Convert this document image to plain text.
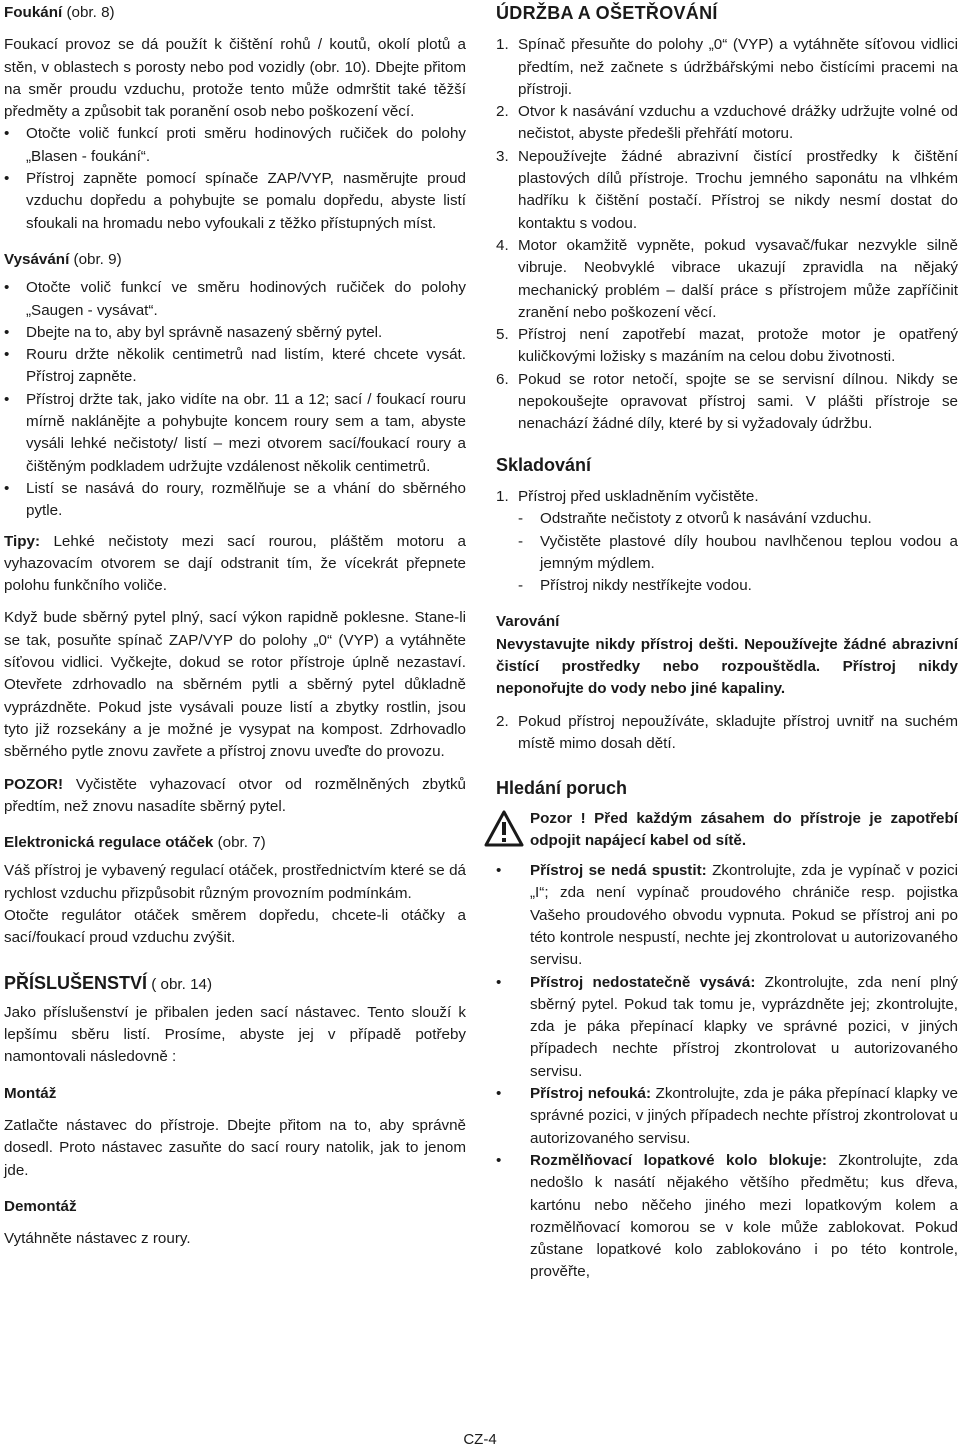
Foukání (obr. 8)

Foukací provoz se dá použít k čištění rohů / koutů, okolí plotů a stěn, v oblastech s porosty nebo pod vozidly (obr. 10). Dbejte přitom na směr proudu vzduchu, protože tento může odmrštit také těžší předměty a způsobit tak poranění osob nebo poškození věcí.

• Otočte volič funkcí proti směru hodinových ručiček do polohy „Blasen - foukání“.

• Přístroj zapněte pomocí spínače ZAP/VYP, nasměrujte proud vzduchu dopředu a pohybujte se pomalu dopředu, abyste listí sfoukali na hromadu nebo vyfoukali z těžko přístupných míst.

Vysávání (obr. 9)

• Otočte volič funkcí ve směru hodinových ručiček do polohy „Saugen - vysávat“.

• Dbejte na to, aby byl správně nasazený sběrný pytel.

• Rouru držte několik centimetrů nad listím, které chcete vysát. Přístroj zapněte.

• Přístroj držte tak, jako vidíte na obr. 11 a 12; sací / foukací rouru mírně naklánějte a pohybujte koncem roury sem a tam, abyste vysáli lehké nečistoty/ listí – mezi otvorem sací/foukací roury a čištěným podkladem udržujte vzdálenost několik centimetrů.

• Listí se nasává do roury, rozmělňuje se a vhání do sběrného pytle.

Tipy: Lehké nečistoty mezi sací rourou, pláštěm motoru a vyhazovacím otvorem se dají odstranit tím, že vícekrát přepnete polohu funkčního voliče.

Když bude sběrný pytel plný, sací výkon rapidně poklesne. Stane-li se tak, posuňte spínač ZAP/VYP do polohy „0“ (VYP) a vytáhněte síťovou vidlici. Vyčkejte, dokud se rotor přístroje úplně nezastaví. Otevřete zdrhovadlo na sběrném pytli a sběrný pytel důkladně vyprázdněte. Pokud jste vysávali pouze listí a zbytky rostlin, jsou tyto již rozsekány a je možné je vysypat na kompost. Zdrhovadlo sběrného pytle znovu zavřete a přístroj znovu uveďte do provozu.

POZOR! Vyčistěte vyhazovací otvor od rozmělněných zbytků předtím, než znovu nasadíte sběrný pytel.

Elektronická regulace otáček (obr. 7)

Váš přístroj je vybavený regulací otáček, prostřednictvím které se dá rychlost vzduchu přizpůsobit různým provozním podmínkám.

Otočte regulátor otáček směrem dopředu, chcete-li otáčky a sací/foukací proud vzduchu zvýšit.

PŘÍSLUŠENSTVÍ ( obr. 14)

Jako příslušenství je přibalen jeden sací nástavec. Tento slouží k lepšímu sběru listí. Prosíme, abyste jej v případě potřeby namontovali následovně :

Montáž

Zatlačte nástavec do přístroje. Dbejte přitom na to, aby správně dosedl. Proto nástavec zasuňte do sací roury natolik, jak to jenom jde.

Demontáž

Vytáhněte nástavec z roury.

ÚDRŽBA A OŠETŘOVÁNÍ

1. Spínač přesuňte do polohy „0“ (VYP) a vytáhněte síťovou vidlici předtím, než začnete s údržbářskými nebo čistícími pracemi na přístroji.

2. Otvor k nasávání vzduchu a vzduchové drážky udržujte volné od nečistot, abyste předešli přehřátí motoru.

3. Nepoužívejte žádné abrazivní čistící prostředky k čištění plastových dílů přístroje. Trochu jemného saponátu na vlhkém hadříku k čištění postačí. Přístroj se nikdy nesmí dostat do kontaktu s vodou.

4. Motor okamžitě vypněte, pokud vysavač/fukar nezvykle silně vibruje. Neobvyklé vibrace ukazují zpravidla na nějaký mechanický problém – další práce s přístrojem může zapříčinit zranění nebo poškození věcí.

5. Přístroj není zapotřebí mazat, protože motor je opatřený kuličkovými ložisky s mazáním na celou dobu životnosti.

6. Pokud se rotor netočí, spojte se se servisní dílnou. Nikdy se nepokoušejte opravovat přístroj sami. V plášti přístroje se nenachází žádné díly, které by si vyžadovaly údržbu.

Skladování

1. Přístroj před uskladněním vyčistěte.

- Odstraňte nečistoty z otvorů k nasávání vzduchu.

- Vyčistěte plastové díly houbou navlhčenou teplou vodou a jemným mýdlem.

- Přístroj nikdy nestříkejte vodou.

Varování

Nevystavujte nikdy přístroj dešti. Nepoužívejte žádné abrazivní čistící prostředky nebo rozpouštědla. Přístroj nikdy neponořujte do vody nebo jiné kapaliny.

2. Pokud přístroj nepoužíváte, skladujte přístroj uvnitř na suchém místě mimo dosah dětí.

Hledání poruch

Pozor ! Před každým zásahem do přístroje je zapotřebí odpojit napájecí kabel od sítě.

• Přístroj se nedá spustit: Zkontrolujte, zda je vypínač v pozici „I“; zda není vypínač proudového chrániče resp. pojistka Vašeho proudového obvodu vypnuta. Pokud se přístroj ani po této kontrole nespustí, nechte jej zkontrolovat u autorizovaného servisu.

• Přístroj nedostatečně vysává: Zkontrolujte, zda není plný sběrný pytel. Pokud tak tomu je, vyprázdněte jej; zkontrolujte, zda je páka přepínací klapky ve správné pozici, v jiných případech nechte přístroj zkontrolovat u autorizovaného servisu.

• Přístroj nefouká: Zkontrolujte, zda je páka přepínací klapky ve správné pozici, v jiných případech nechte přístroj zkontrolovat u autorizovaného servisu.

• Rozmělňovací lopatkové kolo blokuje: Zkontrolujte, zda nedošlo k nasátí nějakého většího předmětu; kus dřeva, kartónu nebo něčeho jiného mezi lopatkovým kolem a rozmělňovací komorou se v kole může zablokovat. Pokud zůstane lopatkové kolo zablokováno i po této kontrole, prověřte,

CZ-4
